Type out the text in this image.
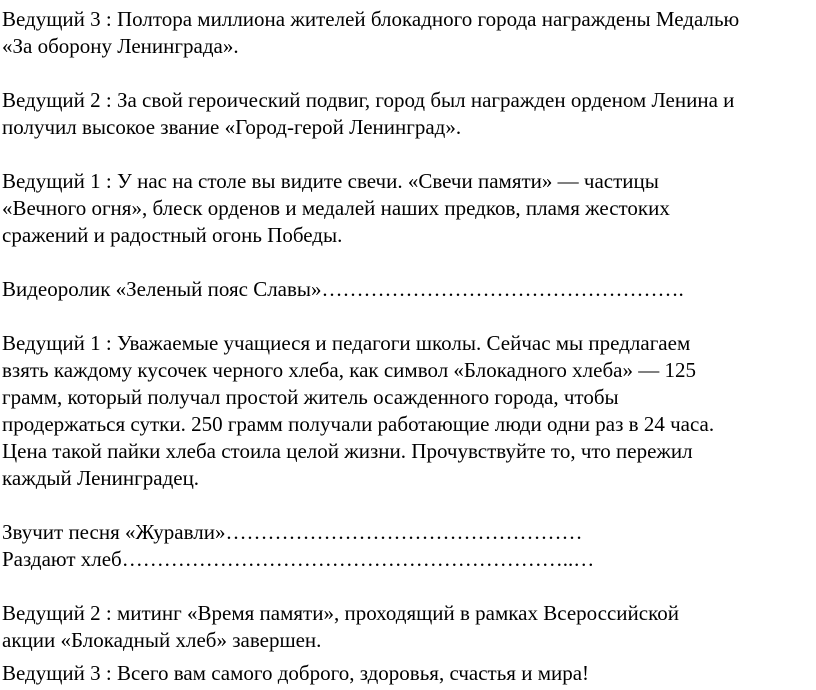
Ведущий 3 : Полтора миллиона жителей блокадного города награждены Медалью

«За оборону Ленинграда».

Ведущий 2 : За свой героический подвиг, город был награжден орденом Ленина и

получил высокое звание «Город-герой Ленинград».

Ведущий 1 : У нас на столе вы видите свечи. «Свечи памяти» — частицы

«Вечного огня», блеск орденов и медалей наших предков, пламя жестоких

сражений и радостный огонь Победы.

Видеоролик «Зеленый пояс Славы»…………………………………………….

Ведущий 1 : Уважаемые учащиеся и педагоги школы. Сейчас мы предлагаем

взять каждому кусочек черного хлеба, как символ «Блокадного хлеба» — 125

грамм, который получал простой житель осажденного города, чтобы

продержаться сутки. 250 грамм получали работающие люди одни раз в 24 часа.

Цена такой пайки хлеба стоила целой жизни. Прочувствуйте то, что пережил

каждый Ленинградец.

Звучит песня «Журавли»……………………………………………

Раздают хлеб………………………………………………………..…

Ведущий 2 : митинг «Время памяти», проходящий в рамках Всероссийской

акции «Блокадный хлеб» завершен.

Ведущий 3 : Всего вам самого доброго, здоровья, счастья и мира!
